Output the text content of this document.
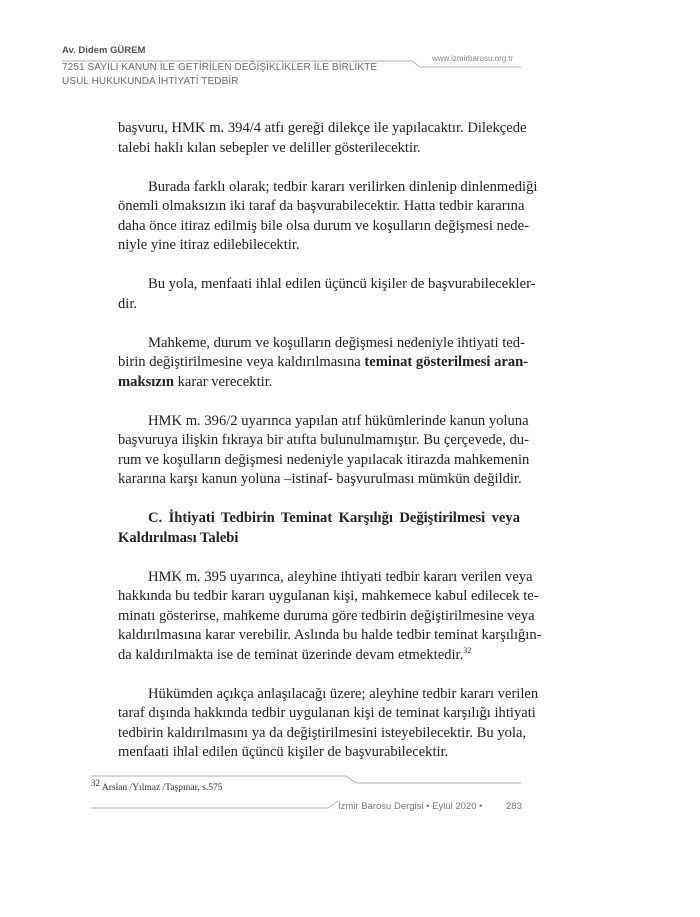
Av. Didem GÜREM
7251 SAYILI KANUN İLE GETİRİLEN DEĞİŞİKLİKLER İLE BİRLİKTE
USUL HUKUKUNDA İHTİYATİ TEDBİR
www.izmirbarosu.org.tr
başvuru, HMK m. 394/4 atfı gereği dilekçe ile yapılacaktır. Dilekçede
talebi haklı kılan sebepler ve deliller gösterilecektir.
Burada farklı olarak; tedbir kararı verilirken dinlenip dinlenmediği
önemli olmaksızın iki taraf da başvurabilecektir. Hatta tedbir kararına
daha önce itiraz edilmiş bile olsa durum ve koşulların değişmesi nede-
niyle yine itiraz edilebilecektir.
Bu yola, menfaati ihlal edilen üçüncü kişiler de başvurabilecekler-
dir.
Mahkeme, durum ve koşulların değişmesi nedeniyle ihtiyati ted-
birin değiştirilmesine veya kaldırılmasına teminat gösterilmesi aran-
maksızın karar verecektir.
HMK m. 396/2 uyarınca yapılan atıf hükümlerinde kanun yoluna
başvuruya ilişkin fıkraya bir atıfta bulunulmamıştır. Bu çerçevede, du-
rum ve koşulların değişmesi nedeniyle yapılacak itirazda mahkemenin
kararına karşı kanun yoluna –istinaf- başvurulması mümkün değildir.
C. İhtiyati Tedbirin Teminat Karşılığı Değiştirilmesi veya
Kaldırılması Talebi
HMK m. 395 uyarınca, aleyhine ihtiyati tedbir kararı verilen veya
hakkında bu tedbir kararı uygulanan kişi, mahkemece kabul edilecek te-
minatı gösterirse, mahkeme duruma göre tedbirin değiştirilmesine veya
kaldırılmasına karar verebilir. Aslında bu halde tedbir teminat karşılığın-
da kaldırılmakta ise de teminat üzerinde devam etmektedir.$^{32}$
Hükümden açıkça anlaşılacağı üzere; aleyhine tedbir kararı verilen
taraf dışında hakkında tedbir uygulanan kişi de teminat karşılığı ihtiyati
tedbirin kaldırılmasını ya da değiştirilmesini isteyebilecektir. Bu yola,
menfaati ihlal edilen üçüncü kişiler de başvurabilecektir.
$^{32}$ Arslan /Yılmaz /Taşpınar, s.575
İzmir Barosu Dergisi • Eylül 2020 • 283
